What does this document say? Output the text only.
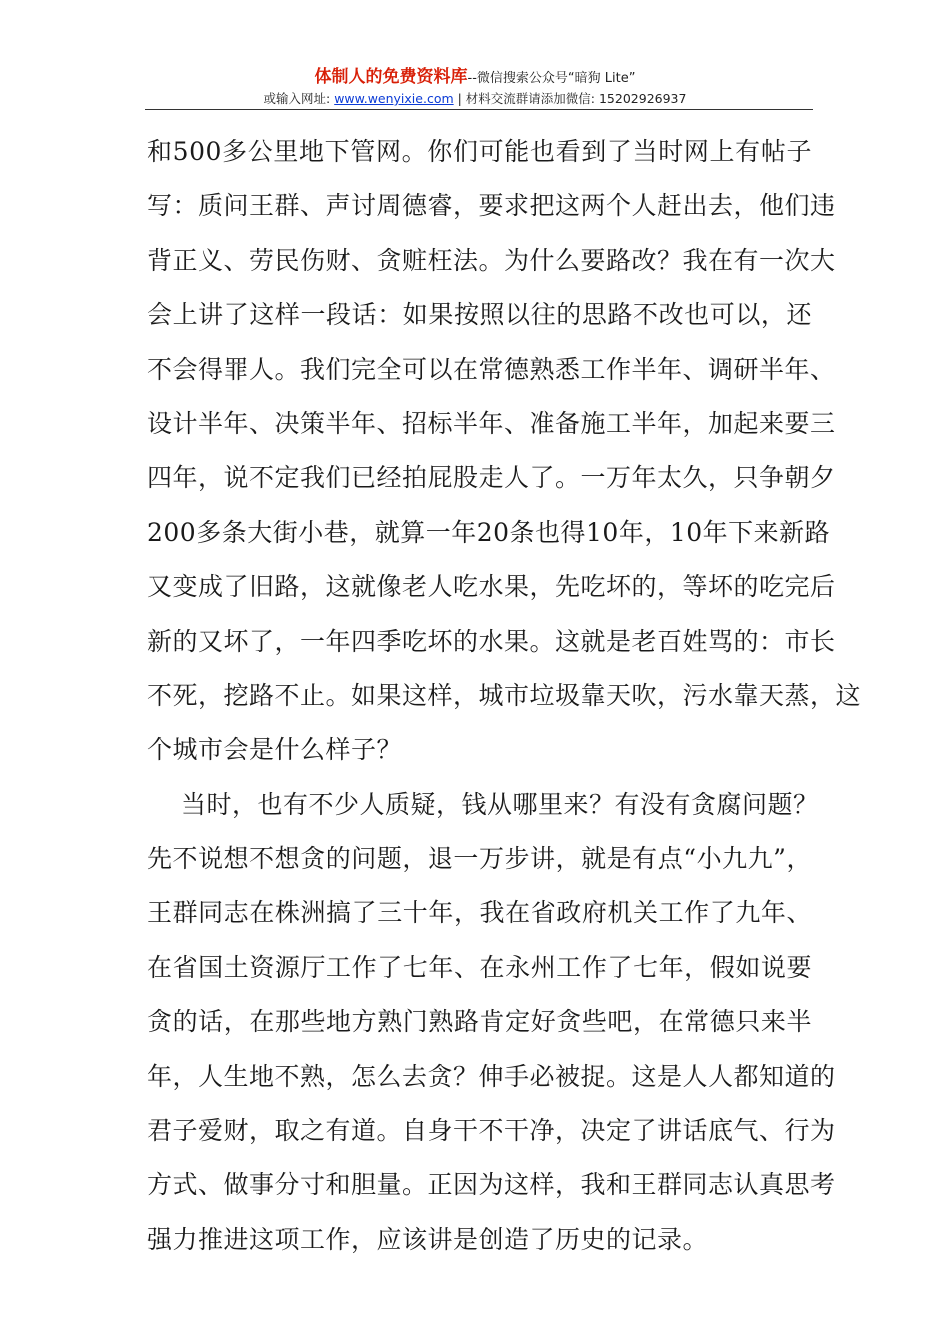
体制人的免费资料库--微信搜索公众号“暗狗 Lite”
或输入网址: www.wenyixie.com | 材料交流群请添加微信: 15202926937
和500多公里地下管网。你们可能也看到了当时网上有帖子
写：质问王群、声讨周德睿，要求把这两个人赶出去，他们违
背正义、劳民伤财、贪赃枉法。为什么要路改？我在有一次大
会上讲了这样一段话：如果按照以往的思路不改也可以，还
不会得罪人。我们完全可以在常德熟悉工作半年、调研半年、
设计半年、决策半年、招标半年、准备施工半年，加起来要三
四年，说不定我们已经拍屁股走人了。一万年太久，只争朝夕
200多条大街小巷，就算一年20条也得10年，10年下来新路
又变成了旧路，这就像老人吃水果，先吃坏的，等坏的吃完后
新的又坏了，一年四季吃坏的水果。这就是老百姓骂的：市长
不死，挖路不止。如果这样，城市垃圾靠天吹，污水靠天蒸，这
个城市会是什么样子？
当时，也有不少人质疑，钱从哪里来？有没有贪腐问题？
先不说想不想贪的问题，退一万步讲，就是有点“小九九”，
王群同志在株洲搞了三十年，我在省政府机关工作了九年、
在省国土资源厅工作了七年、在永州工作了七年，假如说要
贪的话，在那些地方熟门熟路肯定好贪些吧，在常德只来半
年，人生地不熟，怎么去贪？伸手必被捉。这是人人都知道的
君子爱财，取之有道。自身干不干净，决定了讲话底气、行为
方式、做事分寸和胆量。正因为这样，我和王群同志认真思考
强力推进这项工作，应该讲是创造了历史的记录。
